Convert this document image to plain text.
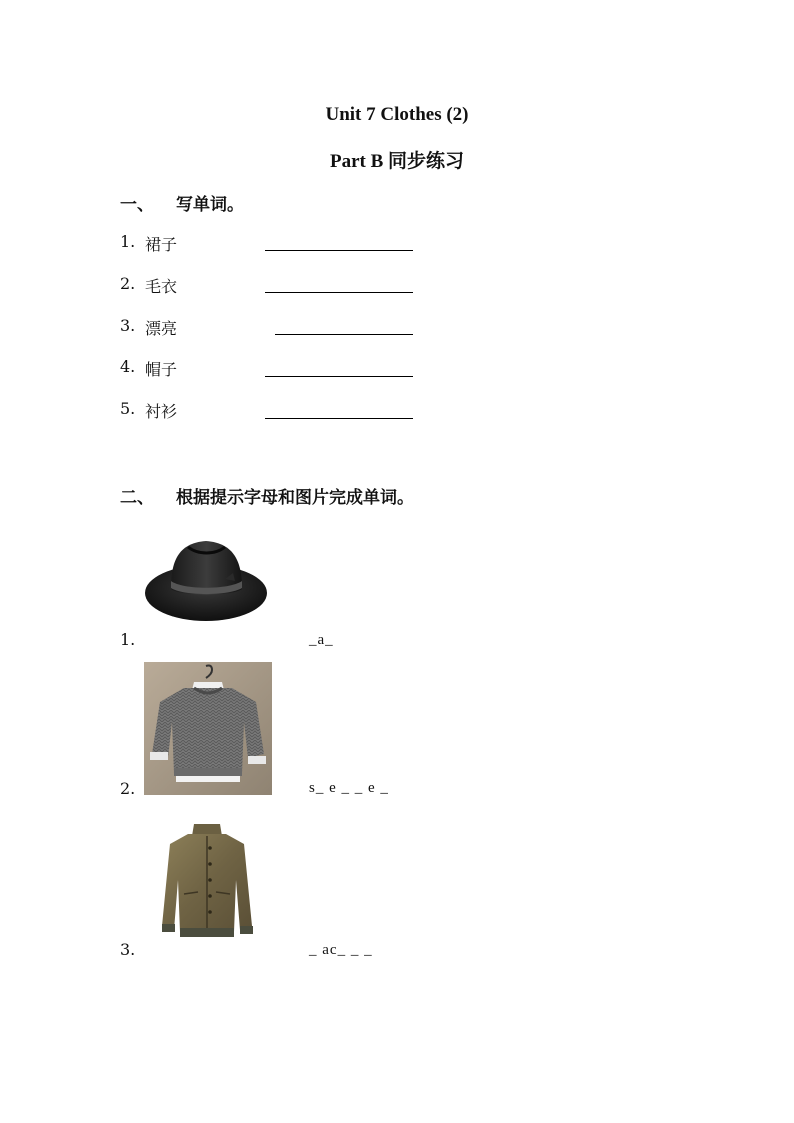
Unit 7 Clothes (2)
Part B 同步练习
一、 写单词。
1. 裙子
2. 毛衣
3. 漂亮
4. 帽子
5. 衬衫
二、 根据提示字母和图片完成单词。
1.	_a_
2.	s_ e _ _ e _
3.	_ ac_ _ _
